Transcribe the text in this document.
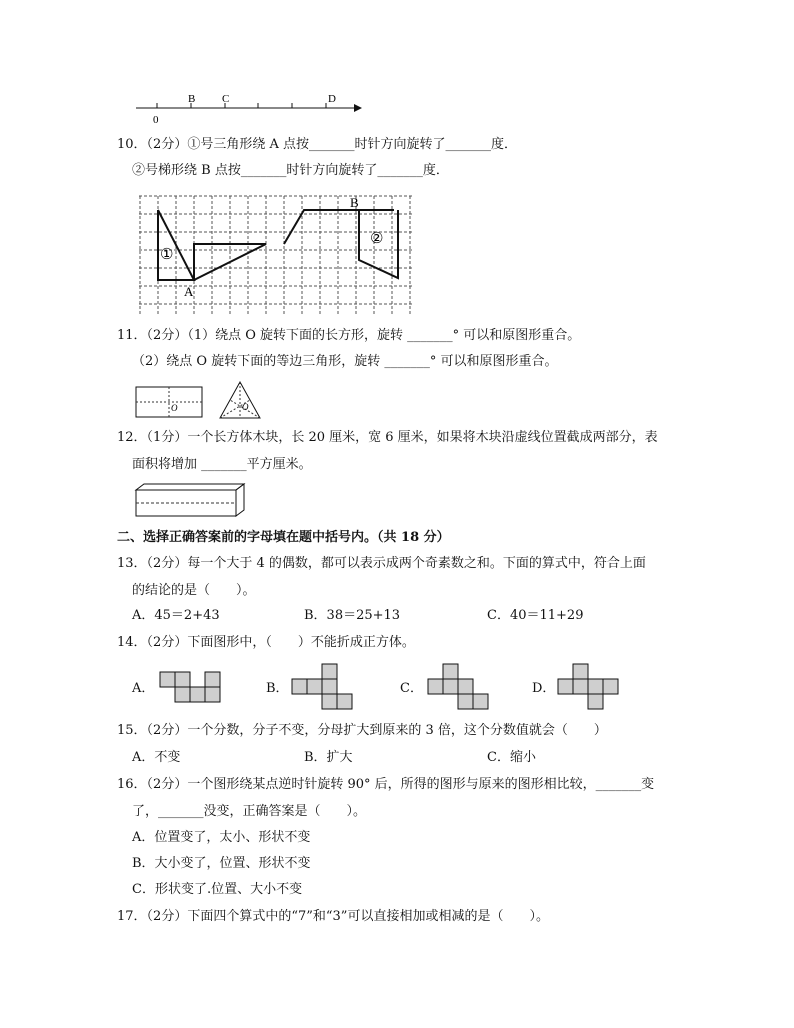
0
B C	D
10．（2分）①号三角形绕 A 点按_______时针方向旋转了_______度．
②号梯形绕 B 点按_______时针方向旋转了_______度．
A
B
①
②
11．（2分）（1）绕点 O 旋转下面的长方形，旋转 _______° 可以和原图形重合。
（2）绕点 O 旋转下面的等边三角形，旋转 _______° 可以和原图形重合。
O	O
12．（1分）一个长方体木块，长 20 厘米，宽 6 厘米，如果将木块沿虚线位置截成两部分，表
面积将增加 _______平方厘米。
二、选择正确答案前的字母填在题中括号内。（共 18 分）
13．（2分）每一个大于 4 的偶数，都可以表示成两个奇素数之和。下面的算式中，符合上面
的结论的是（　　）。
A．45＝2+43	B．38＝25+13	C．40＝11+29
14．（2分）下面图形中，（　　）不能折成正方体。
A．	B．	C．	D．
15．（2分）一个分数，分子不变，分母扩大到原来的 3 倍，这个分数值就会（　　）
A．不变	B．扩大	C．缩小
16．（2分）一个图形绕某点逆时针旋转 90° 后，所得的图形与原来的图形相比较，_______变
了，_______没变，正确答案是（　　）。
A．位置变了，太小、形状不变
B．大小变了，位置、形状不变
C．形状变了.位置、大小不变
17．（2分）下面四个算式中的“7”和“3”可以直接相加或相减的是（　　）。
